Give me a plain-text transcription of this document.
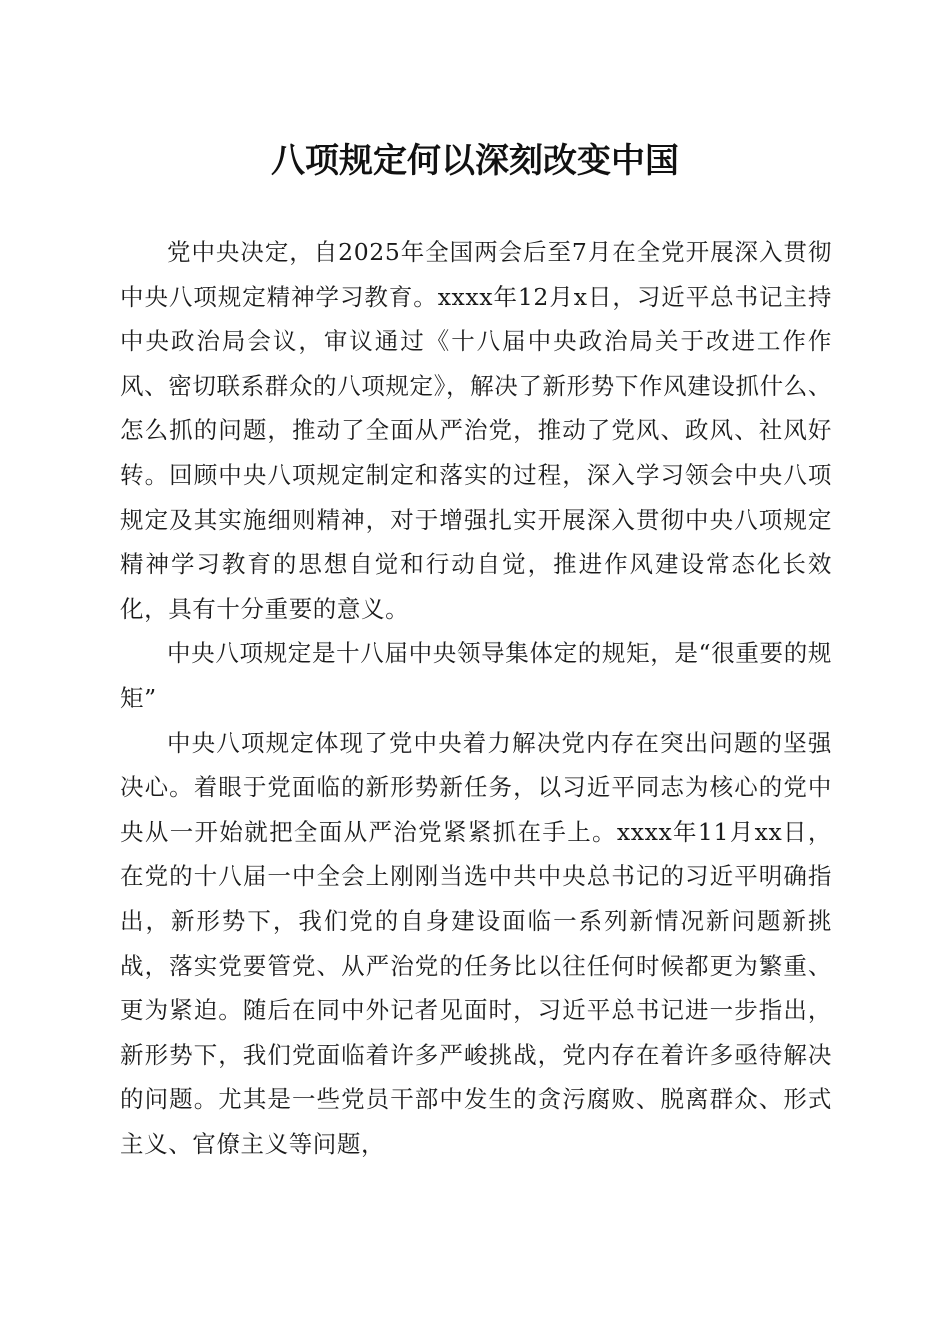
八项规定何以深刻改变中国

党中央决定，自2025年全国两会后至7月在全党开展深入贯彻中央八项规定精神学习教育。xxxx年12月x日，习近平总书记主持中央政治局会议，审议通过《十八届中央政治局关于改进工作作风、密切联系群众的八项规定》，解决了新形势下作风建设抓什么、怎么抓的问题，推动了全面从严治党，推动了党风、政风、社风好转。回顾中央八项规定制定和落实的过程，深入学习领会中央八项规定及其实施细则精神，对于增强扎实开展深入贯彻中央八项规定精神学习教育的思想自觉和行动自觉，推进作风建设常态化长效化，具有十分重要的意义。

中央八项规定是十八届中央领导集体定的规矩，是“很重要的规矩”

中央八项规定体现了党中央着力解决党内存在突出问题的坚强决心。着眼于党面临的新形势新任务，以习近平同志为核心的党中央从一开始就把全面从严治党紧紧抓在手上。xxxx年11月xx日，在党的十八届一中全会上刚刚当选中共中央总书记的习近平明确指出，新形势下，我们党的自身建设面临一系列新情况新问题新挑战，落实党要管党、从严治党的任务比以往任何时候都更为繁重、更为紧迫。随后在同中外记者见面时，习近平总书记进一步指出，新形势下，我们党面临着许多严峻挑战，党内存在着许多亟待解决的问题。尤其是一些党员干部中发生的贪污腐败、脱离群众、形式主义、官僚主义等问题，
